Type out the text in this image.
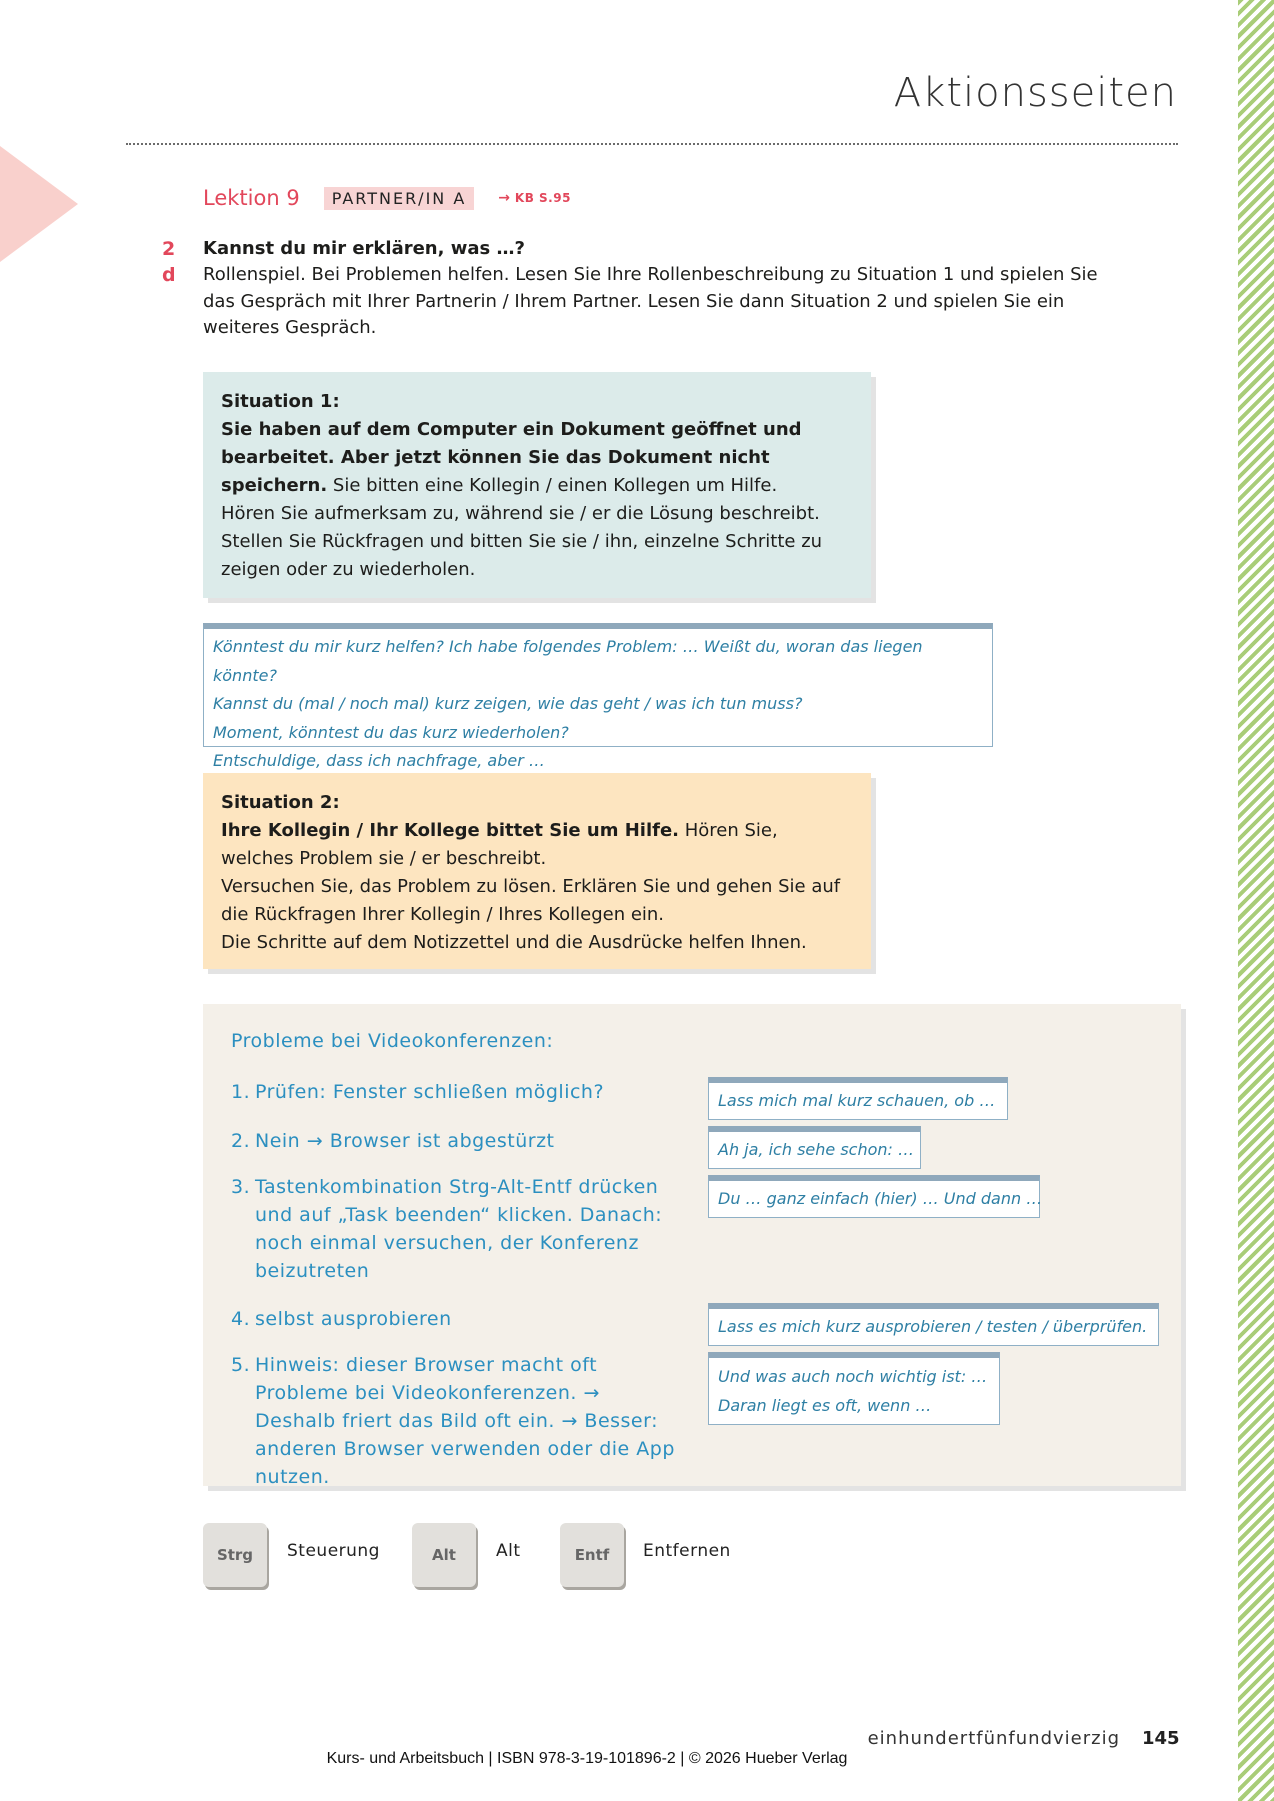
Aktionsseiten
Lektion 9	PARTNER/IN A	→ KB S.95
2
d
Kannst du mir erklären, was …?
Rollenspiel. Bei Problemen helfen. Lesen Sie Ihre Rollenbeschreibung zu Situation 1 und spielen Sie das Gespräch mit Ihrer Partnerin / Ihrem Partner. Lesen Sie dann Situation 2 und spielen Sie ein weiteres Gespräch.
Situation 1:
Sie haben auf dem Computer ein Dokument geöffnet und bearbeitet. Aber jetzt können Sie das Dokument nicht speichern. Sie bitten eine Kollegin / einen Kollegen um Hilfe.
Hören Sie aufmerksam zu, während sie / er die Lösung beschreibt.
Stellen Sie Rückfragen und bitten Sie sie / ihn, einzelne Schritte zu zeigen oder zu wiederholen.
Könntest du mir kurz helfen? Ich habe folgendes Problem: … Weißt du, woran das liegen könnte?
Kannst du (mal / noch mal) kurz zeigen, wie das geht / was ich tun muss?
Moment, könntest du das kurz wiederholen?
Entschuldige, dass ich nachfrage, aber …
Situation 2:
Ihre Kollegin / Ihr Kollege bittet Sie um Hilfe. Hören Sie, welches Problem sie / er beschreibt.
Versuchen Sie, das Problem zu lösen. Erklären Sie und gehen Sie auf die Rückfragen Ihrer Kollegin / Ihres Kollegen ein.
Die Schritte auf dem Notizzettel und die Ausdrücke helfen Ihnen.
Probleme bei Videokonferenzen:
1. Prüfen: Fenster schließen möglich?
2. Nein → Browser ist abgestürzt
3. Tastenkombination Strg-Alt-Entf drücken und auf „Task beenden“ klicken. Danach: noch einmal versuchen, der Konferenz beizutreten
4. selbst ausprobieren
5. Hinweis: dieser Browser macht oft Probleme bei Videokonferenzen. → Deshalb friert das Bild oft ein. → Besser: anderen Browser verwenden oder die App nutzen.
Lass mich mal kurz schauen, ob …
Ah ja, ich sehe schon: …
Du … ganz einfach (hier) … Und dann …
Lass es mich kurz ausprobieren / testen / überprüfen.
Und was auch noch wichtig ist: …
Daran liegt es oft, wenn …
Strg	Steuerung	Alt	Alt	Entf	Entfernen
einhundertfünfundvierzig 145
Kurs- und Arbeitsbuch | ISBN 978-3-19-101896-2 | © 2026 Hueber Verlag
